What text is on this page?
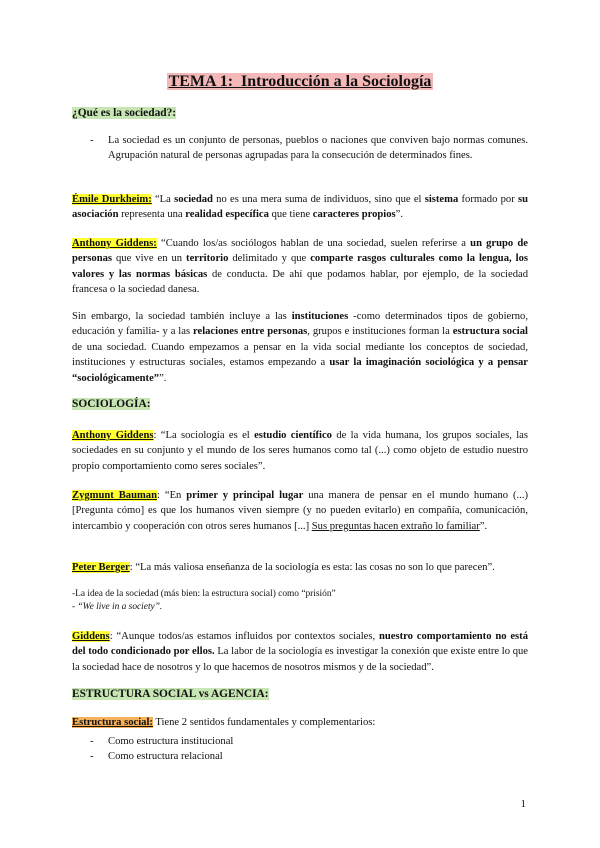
TEMA 1: Introducción a la Sociología
¿Qué es la sociedad?:
- La sociedad es un conjunto de personas, pueblos o naciones que conviven bajo normas comunes. Agrupación natural de personas agrupadas para la consecución de determinados fines.
Émile Durkheim: “La sociedad no es una mera suma de individuos, sino que el sistema formado por su asociación representa una realidad específica que tiene caracteres propios”.
Anthony Giddens: “Cuando los/as sociólogos hablan de una sociedad, suelen referirse a un grupo de personas que vive en un territorio delimitado y que comparte rasgos culturales como la lengua, los valores y las normas básicas de conducta. De ahí que podamos hablar, por ejemplo, de la sociedad francesa o la sociedad danesa.
Sin embargo, la sociedad también incluye a las instituciones -como determinados tipos de gobierno, educación y familia- y a las relaciones entre personas, grupos e instituciones forman la estructura social de una sociedad. Cuando empezamos a pensar en la vida social mediante los conceptos de sociedad, instituciones y estructuras sociales, estamos empezando a usar la imaginación sociológica y a pensar “sociológicamente””.
SOCIOLOGÍA:
Anthony Giddens: “La sociología es el estudio científico de la vida humana, los grupos sociales, las sociedades en su conjunto y el mundo de los seres humanos como tal (...) como objeto de estudio nuestro propio comportamiento como seres sociales”.
Zygmunt Bauman: “En primer y principal lugar una manera de pensar en el mundo humano (...) [Pregunta cómo] es que los humanos viven siempre (y no pueden evitarlo) en compañía, comunicación, intercambio y cooperación con otros seres humanos [...] Sus preguntas hacen extraño lo familiar”.
Peter Berger: “La más valiosa enseñanza de la sociología es esta: las cosas no son lo que parecen”.
-La idea de la sociedad (más bien: la estructura social) como “prisión”
- “We live in a society”.
Giddens: “Aunque todos/as estamos influidos por contextos sociales, nuestro comportamiento no está del todo condicionado por ellos. La labor de la sociología es investigar la conexión que existe entre lo que la sociedad hace de nosotros y lo que hacemos de nosotros mismos y de la sociedad”.
ESTRUCTURA SOCIAL vs AGENCIA:
Estructura social: Tiene 2 sentidos fundamentales y complementarios:
- Como estructura institucional
- Como estructura relacional
1
